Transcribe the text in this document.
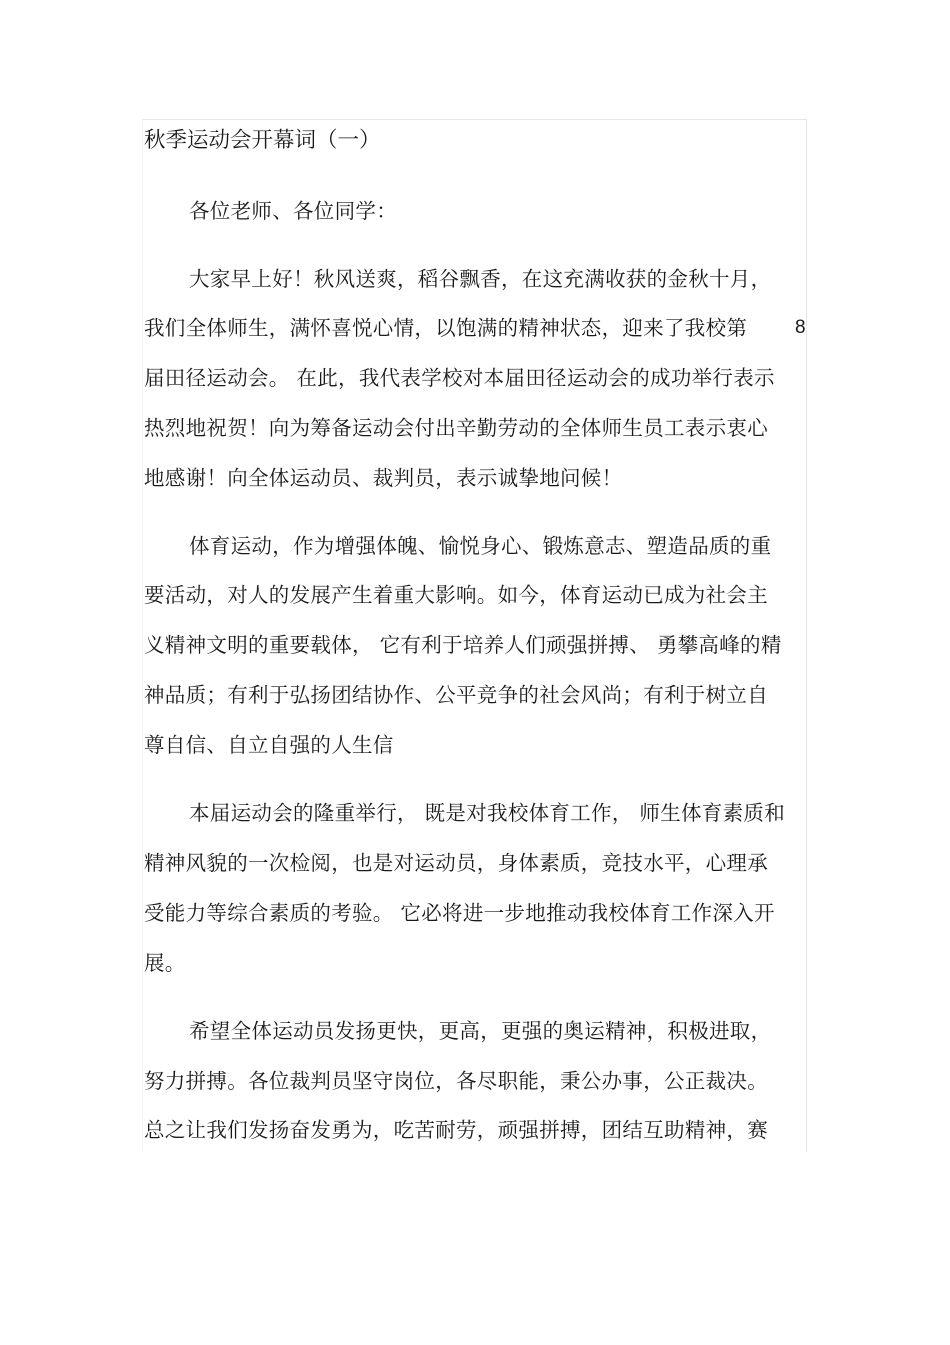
秋季运动会开幕词（一）
各位老师、各位同学：
大家早上好！秋风送爽，稻谷飘香，在这充满收获的金秋十月，
我们全体师生，满怀喜悦心情，以饱满的精神状态，迎来了我校第	8
届田径运动会。 在此，我代表学校对本届田径运动会的成功举行表示
热烈地祝贺！向为筹备运动会付出辛勤劳动的全体师生员工表示衷心
地感谢！向全体运动员、裁判员，表示诚挚地问候！
体育运动，作为增强体魄、愉悦身心、锻炼意志、塑造品质的重
要活动，对人的发展产生着重大影响。如今，体育运动已成为社会主
义精神文明的重要载体， 它有利于培养人们顽强拼搏、 勇攀高峰的精
神品质；有利于弘扬团结协作、公平竞争的社会风尚；有利于树立自
尊自信、自立自强的人生信
本届运动会的隆重举行， 既是对我校体育工作， 师生体育素质和
精神风貌的一次检阅，也是对运动员，身体素质，竞技水平，心理承
受能力等综合素质的考验。 它必将进一步地推动我校体育工作深入开
展。
希望全体运动员发扬更快，更高，更强的奥运精神，积极进取，
努力拼搏。各位裁判员坚守岗位，各尽职能，秉公办事，公正裁决。
总之让我们发扬奋发勇为，吃苦耐劳，顽强拼搏，团结互助精神，赛
